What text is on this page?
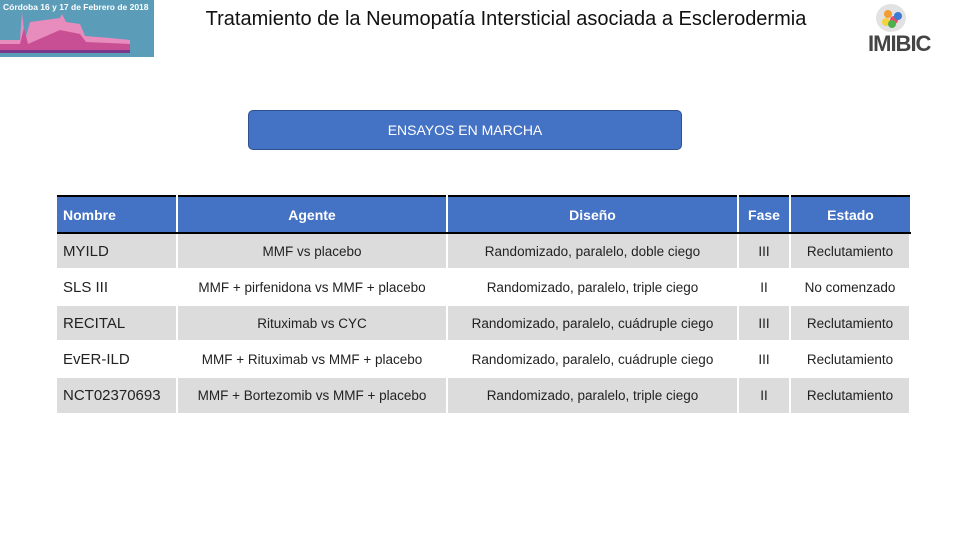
Córdoba 16 y 17 de Febrero de 2018
Tratamiento de la Neumopatía Intersticial asociada a Esclerodermia
IMIBIC
ENSAYOS EN MARCHA
Nombre	Agente	Diseño	Fase	Estado
MYILD	MMF vs placebo	Randomizado, paralelo, doble ciego	III	Reclutamiento
SLS III	MMF + pirfenidona vs MMF + placebo	Randomizado, paralelo, triple ciego	II	No comenzado
RECITAL	Rituximab vs CYC	Randomizado, paralelo, cuádruple ciego	III	Reclutamiento
EvER-ILD	MMF + Rituximab vs MMF + placebo	Randomizado, paralelo, cuádruple ciego	III	Reclutamiento
NCT02370693	MMF + Bortezomib vs MMF + placebo	Randomizado, paralelo, triple ciego	II	Reclutamiento
